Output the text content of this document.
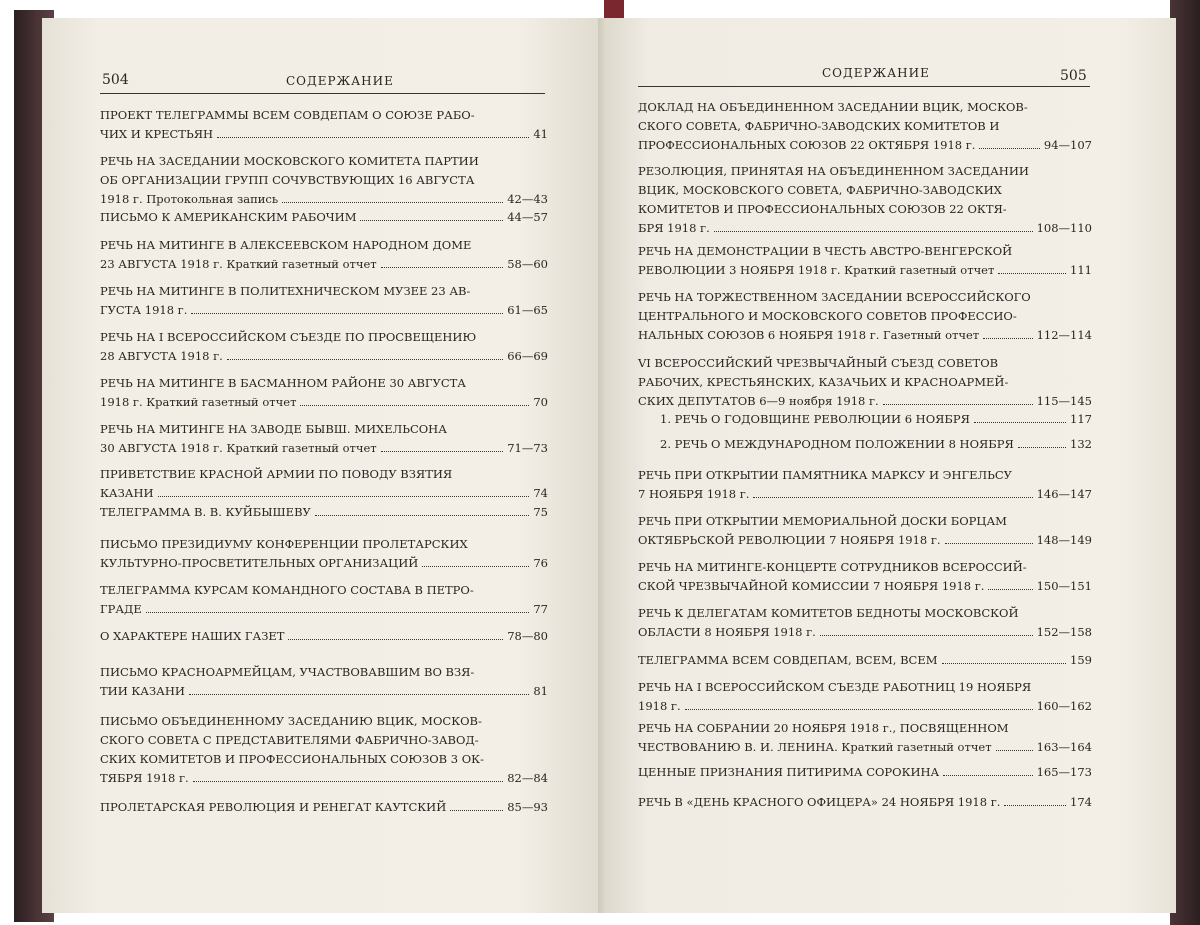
504	СОДЕРЖАНИЕ
ПРОЕКТ ТЕЛЕГРАММЫ ВСЕМ СОВДЕПАМ О СОЮЗЕ РАБО-
ЧИХ И КРЕСТЬЯН	41
РЕЧЬ НА ЗАСЕДАНИИ МОСКОВСКОГО КОМИТЕТА ПАРТИИ
ОБ ОРГАНИЗАЦИИ ГРУПП СОЧУВСТВУЮЩИХ 16 АВГУСТА
1918 г. Протокольная запись	42—43
ПИСЬМО К АМЕРИКАНСКИМ РАБОЧИМ	44—57
РЕЧЬ НА МИТИНГЕ В АЛЕКСЕЕВСКОМ НАРОДНОМ ДОМЕ
23 АВГУСТА 1918 г. Краткий газетный отчет	58—60
РЕЧЬ НА МИТИНГЕ В ПОЛИТЕХНИЧЕСКОМ МУЗЕЕ 23 АВ-
ГУСТА 1918 г.	61—65
РЕЧЬ НА I ВСЕРОССИЙСКОМ СЪЕЗДЕ ПО ПРОСВЕЩЕНИЮ
28 АВГУСТА 1918 г.	66—69
РЕЧЬ НА МИТИНГЕ В БАСМАННОМ РАЙОНЕ 30 АВГУСТА
1918 г. Краткий газетный отчет	70
РЕЧЬ НА МИТИНГЕ НА ЗАВОДЕ БЫВШ. МИХЕЛЬСОНА
30 АВГУСТА 1918 г. Краткий газетный отчет	71—73
ПРИВЕТСТВИЕ КРАСНОЙ АРМИИ ПО ПОВОДУ ВЗЯТИЯ
КАЗАНИ	74
ТЕЛЕГРАММА В. В. КУЙБЫШЕВУ	75
ПИСЬМО ПРЕЗИДИУМУ КОНФЕРЕНЦИИ ПРОЛЕТАРСКИХ
КУЛЬТУРНО-ПРОСВЕТИТЕЛЬНЫХ ОРГАНИЗАЦИЙ	76
ТЕЛЕГРАММА КУРСАМ КОМАНДНОГО СОСТАВА В ПЕТРО-
ГРАДЕ	77
О ХАРАКТЕРЕ НАШИХ ГАЗЕТ	78—80
ПИСЬМО КРАСНОАРМЕЙЦАМ, УЧАСТВОВАВШИМ ВО ВЗЯ-
ТИИ КАЗАНИ	81
ПИСЬМО ОБЪЕДИНЕННОМУ ЗАСЕДАНИЮ ВЦИК, МОСКОВ-
СКОГО СОВЕТА С ПРЕДСТАВИТЕЛЯМИ ФАБРИЧНО-ЗАВОД-
СКИХ КОМИТЕТОВ И ПРОФЕССИОНАЛЬНЫХ СОЮЗОВ 3 ОК-
ТЯБРЯ 1918 г.	82—84
ПРОЛЕТАРСКАЯ РЕВОЛЮЦИЯ И РЕНЕГАТ КАУТСКИЙ	85—93
СОДЕРЖАНИЕ	505
ДОКЛАД НА ОБЪЕДИНЕННОМ ЗАСЕДАНИИ ВЦИК, МОСКОВ-
СКОГО СОВЕТА, ФАБРИЧНО-ЗАВОДСКИХ КОМИТЕТОВ И
ПРОФЕССИОНАЛЬНЫХ СОЮЗОВ 22 ОКТЯБРЯ 1918 г.	94—107
РЕЗОЛЮЦИЯ, ПРИНЯТАЯ НА ОБЪЕДИНЕННОМ ЗАСЕДАНИИ
ВЦИК, МОСКОВСКОГО СОВЕТА, ФАБРИЧНО-ЗАВОДСКИХ
КОМИТЕТОВ И ПРОФЕССИОНАЛЬНЫХ СОЮЗОВ 22 ОКТЯ-
БРЯ 1918 г.	108—110
РЕЧЬ НА ДЕМОНСТРАЦИИ В ЧЕСТЬ АВСТРО-ВЕНГЕРСКОЙ
РЕВОЛЮЦИИ 3 НОЯБРЯ 1918 г. Краткий газетный отчет	111
РЕЧЬ НА ТОРЖЕСТВЕННОМ ЗАСЕДАНИИ ВСЕРОССИЙСКОГО
ЦЕНТРАЛЬНОГО И МОСКОВСКОГО СОВЕТОВ ПРОФЕССИО-
НАЛЬНЫХ СОЮЗОВ 6 НОЯБРЯ 1918 г. Газетный отчет	112—114
VI ВСЕРОССИЙСКИЙ ЧРЕЗВЫЧАЙНЫЙ СЪЕЗД СОВЕТОВ
РАБОЧИХ, КРЕСТЬЯНСКИХ, КАЗАЧЬИХ И КРАСНОАРМЕЙ-
СКИХ ДЕПУТАТОВ 6—9 ноября 1918 г.	115—145
1. РЕЧЬ О ГОДОВЩИНЕ РЕВОЛЮЦИИ 6 НОЯБРЯ	117
2. РЕЧЬ О МЕЖДУНАРОДНОМ ПОЛОЖЕНИИ 8 НОЯБРЯ	132
РЕЧЬ ПРИ ОТКРЫТИИ ПАМЯТНИКА МАРКСУ И ЭНГЕЛЬСУ
7 НОЯБРЯ 1918 г.	146—147
РЕЧЬ ПРИ ОТКРЫТИИ МЕМОРИАЛЬНОЙ ДОСКИ БОРЦАМ
ОКТЯБРЬСКОЙ РЕВОЛЮЦИИ 7 НОЯБРЯ 1918 г.	148—149
РЕЧЬ НА МИТИНГЕ-КОНЦЕРТЕ СОТРУДНИКОВ ВСЕРОССИЙ-
СКОЙ ЧРЕЗВЫЧАЙНОЙ КОМИССИИ 7 НОЯБРЯ 1918 г.	150—151
РЕЧЬ К ДЕЛЕГАТАМ КОМИТЕТОВ БЕДНОТЫ МОСКОВСКОЙ
ОБЛАСТИ 8 НОЯБРЯ 1918 г.	152—158
ТЕЛЕГРАММА ВСЕМ СОВДЕПАМ, ВСЕМ, ВСЕМ	159
РЕЧЬ НА I ВСЕРОССИЙСКОМ СЪЕЗДЕ РАБОТНИЦ 19 НОЯБРЯ
1918 г.	160—162
РЕЧЬ НА СОБРАНИИ 20 НОЯБРЯ 1918 г., ПОСВЯЩЕННОМ
ЧЕСТВОВАНИЮ В. И. ЛЕНИНА. Краткий газетный отчет	163—164
ЦЕННЫЕ ПРИЗНАНИЯ ПИТИРИМА СОРОКИНА	165—173
РЕЧЬ В «ДЕНЬ КРАСНОГО ОФИЦЕРА» 24 НОЯБРЯ 1918 г.	174
